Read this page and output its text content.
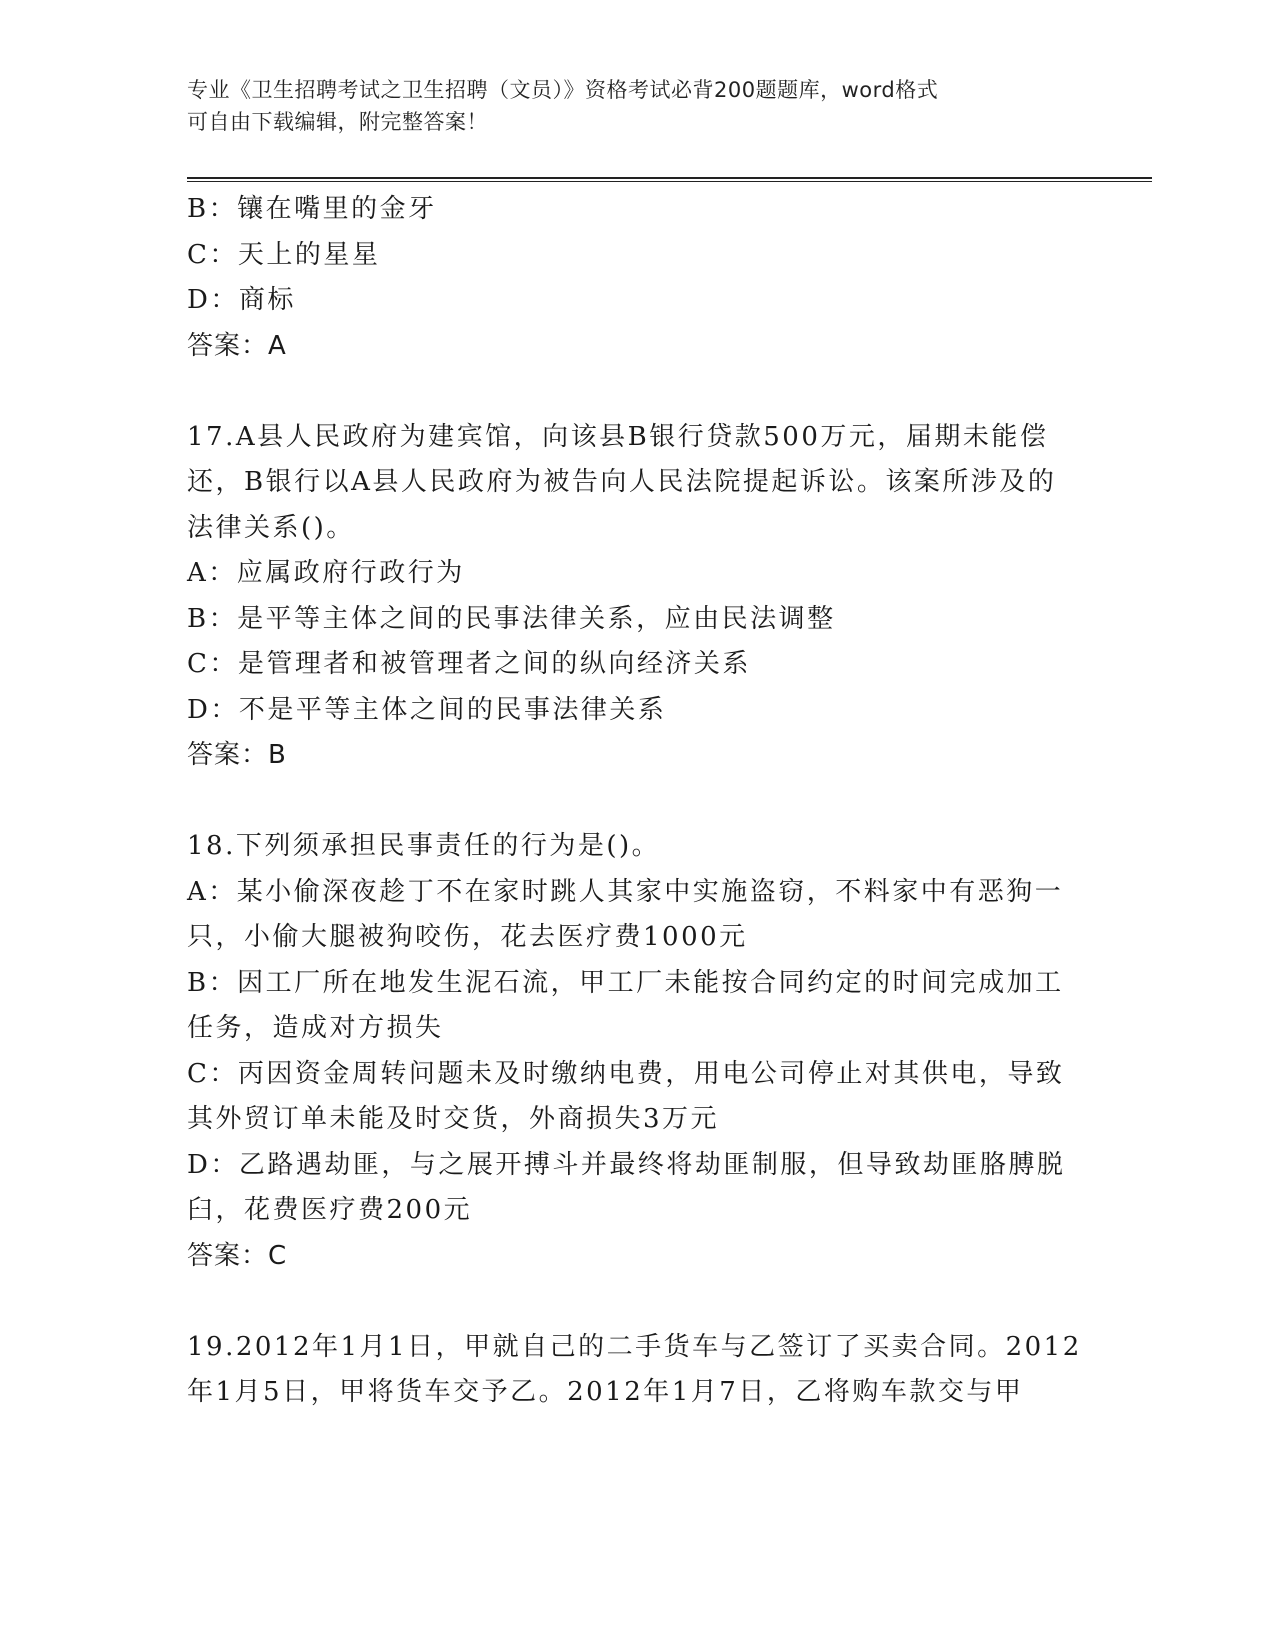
专业《卫生招聘考试之卫生招聘（文员）》资格考试必背200题题库，word格式
可自由下载编辑，附完整答案！
B：镶在嘴里的金牙
C：天上的星星
D：商标
答案：A
17.A县人民政府为建宾馆，向该县B银行贷款500万元，届期未能偿
还，B银行以A县人民政府为被告向人民法院提起诉讼。该案所涉及的
法律关系()。
A：应属政府行政行为
B：是平等主体之间的民事法律关系，应由民法调整
C：是管理者和被管理者之间的纵向经济关系
D：不是平等主体之间的民事法律关系
答案：B
18.下列须承担民事责任的行为是()。
A：某小偷深夜趁丁不在家时跳人其家中实施盗窃，不料家中有恶狗一
只，小偷大腿被狗咬伤，花去医疗费1000元
B：因工厂所在地发生泥石流，甲工厂未能按合同约定的时间完成加工
任务，造成对方损失
C：丙因资金周转问题未及时缴纳电费，用电公司停止对其供电，导致
其外贸订单未能及时交货，外商损失3万元
D：乙路遇劫匪，与之展开搏斗并最终将劫匪制服，但导致劫匪胳膊脱
臼，花费医疗费200元
答案：C
19.2012年1月1日，甲就自己的二手货车与乙签订了买卖合同。2012
年1月5日，甲将货车交予乙。2012年1月7日，乙将购车款交与甲
